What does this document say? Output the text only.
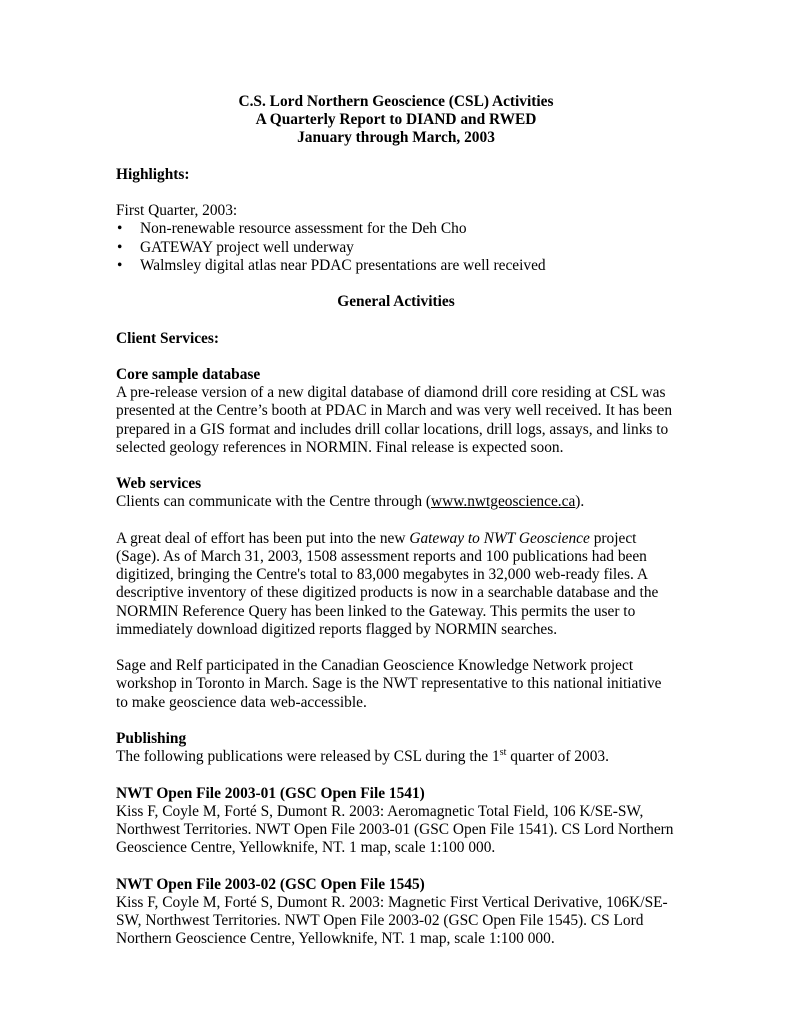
C.S. Lord Northern Geoscience (CSL) Activities
A Quarterly Report to DIAND and RWED
January through March, 2003

Highlights:

First Quarter, 2003:

• Non-renewable resource assessment for the Deh Cho
• GATEWAY project well underway
• Walmsley digital atlas near PDAC presentations are well received

General Activities

Client Services:

Core sample database

A pre-release version of a new digital database of diamond drill core residing at CSL was presented at the Centre’s booth at PDAC in March and was very well received. It has been prepared in a GIS format and includes drill collar locations, drill logs, assays, and links to selected geology references in NORMIN. Final release is expected soon.

Web services

Clients can communicate with the Centre through (www.nwtgeoscience.ca).

A great deal of effort has been put into the new Gateway to NWT Geoscience project (Sage). As of March 31, 2003, 1508 assessment reports and 100 publications had been digitized, bringing the Centre's total to 83,000 megabytes in 32,000 web-ready files. A descriptive inventory of these digitized products is now in a searchable database and the NORMIN Reference Query has been linked to the Gateway. This permits the user to immediately download digitized reports flagged by NORMIN searches.

Sage and Relf participated in the Canadian Geoscience Knowledge Network project workshop in Toronto in March. Sage is the NWT representative to this national initiative to make geoscience data web-accessible.

Publishing

The following publications were released by CSL during the 1st quarter of 2003.

NWT Open File 2003-01 (GSC Open File 1541)

Kiss F, Coyle M, Forté S, Dumont R. 2003: Aeromagnetic Total Field, 106 K/SE-SW, Northwest Territories. NWT Open File 2003-01 (GSC Open File 1541). CS Lord Northern Geoscience Centre, Yellowknife, NT. 1 map, scale 1:100 000.

NWT Open File 2003-02 (GSC Open File 1545)

Kiss F, Coyle M, Forté S, Dumont R. 2003: Magnetic First Vertical Derivative, 106K/SE-SW, Northwest Territories. NWT Open File 2003-02 (GSC Open File 1545). CS Lord Northern Geoscience Centre, Yellowknife, NT. 1 map, scale 1:100 000.
